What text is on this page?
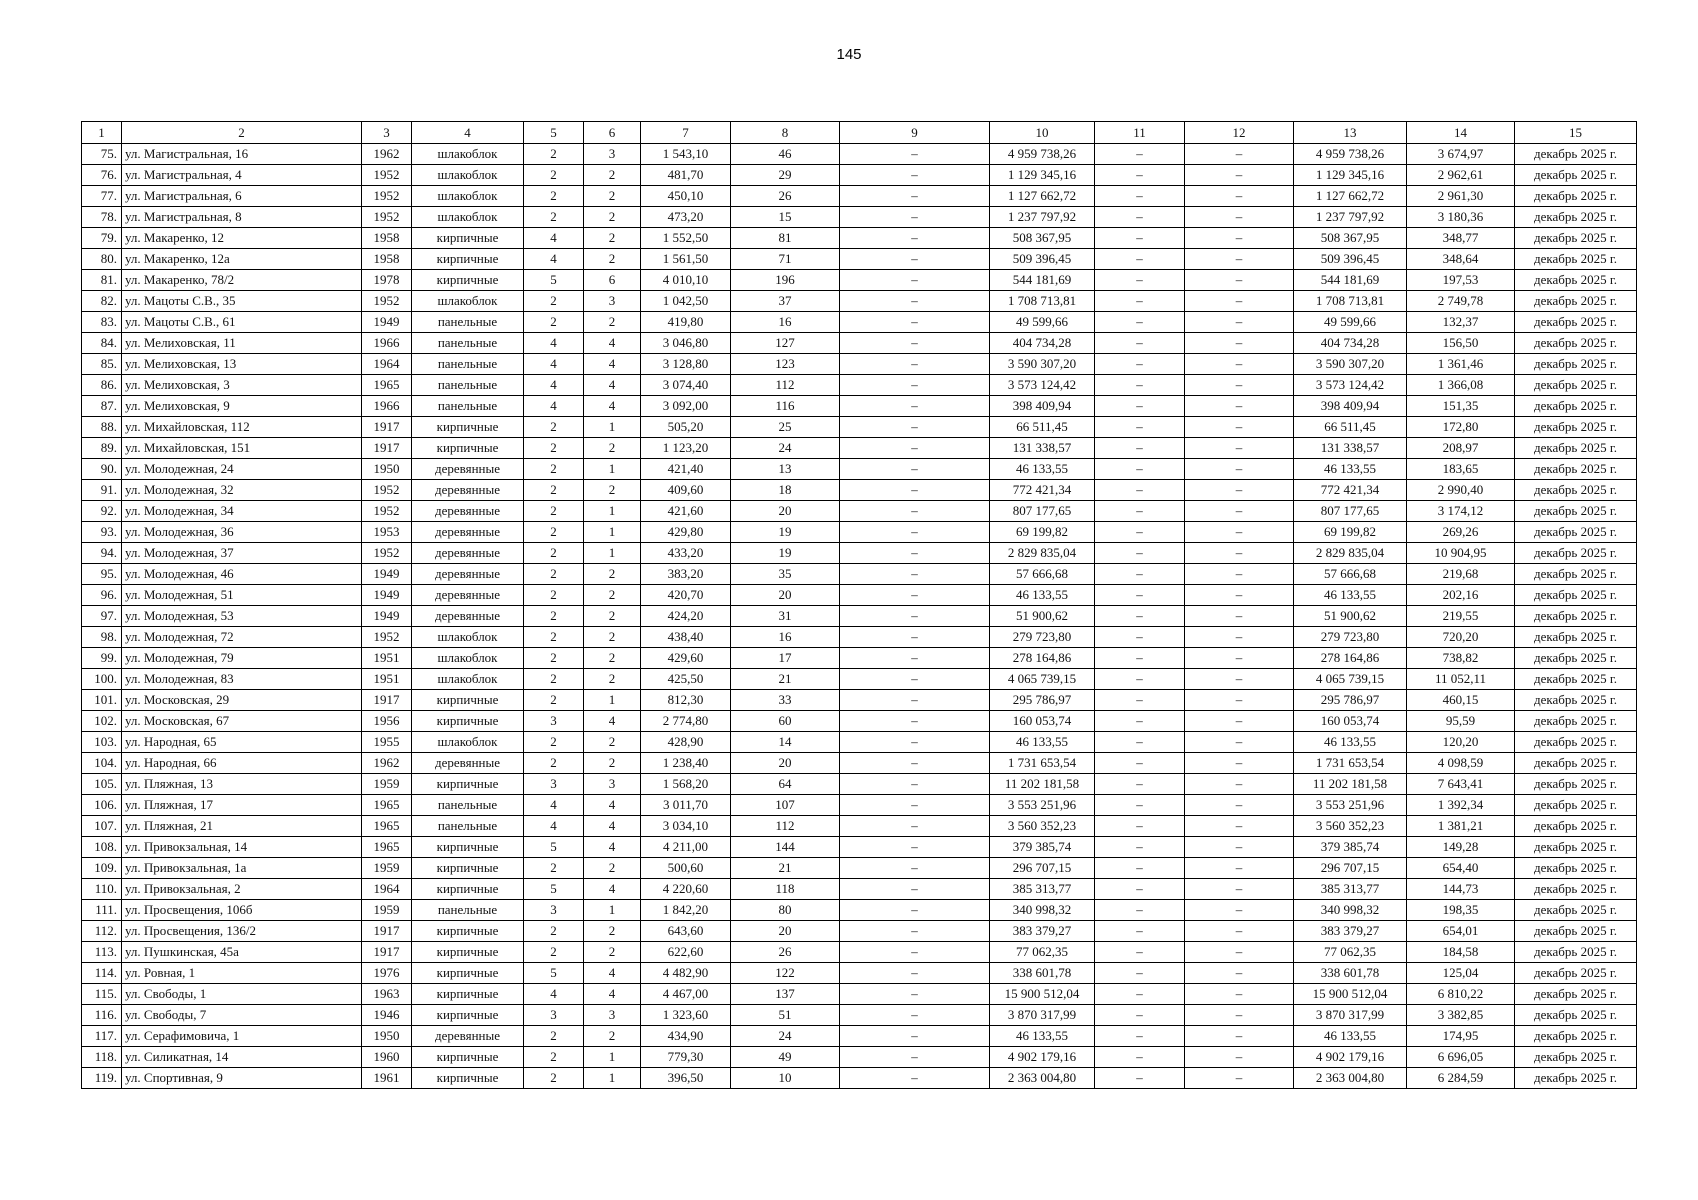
145
1	2	3	4	5	6	7	8	9	10	11	12	13	14	15
75.	ул. Магистральная, 16	1962	шлакоблок	2	3	1 543,10	46	–	4 959 738,26	–	–	4 959 738,26	3 674,97	декабрь 2025 г.
76.	ул. Магистральная, 4	1952	шлакоблок	2	2	481,70	29	–	1 129 345,16	–	–	1 129 345,16	2 962,61	декабрь 2025 г.
77.	ул. Магистральная, 6	1952	шлакоблок	2	2	450,10	26	–	1 127 662,72	–	–	1 127 662,72	2 961,30	декабрь 2025 г.
78.	ул. Магистральная, 8	1952	шлакоблок	2	2	473,20	15	–	1 237 797,92	–	–	1 237 797,92	3 180,36	декабрь 2025 г.
79.	ул. Макаренко, 12	1958	кирпичные	4	2	1 552,50	81	–	508 367,95	–	–	508 367,95	348,77	декабрь 2025 г.
80.	ул. Макаренко, 12а	1958	кирпичные	4	2	1 561,50	71	–	509 396,45	–	–	509 396,45	348,64	декабрь 2025 г.
81.	ул. Макаренко, 78/2	1978	кирпичные	5	6	4 010,10	196	–	544 181,69	–	–	544 181,69	197,53	декабрь 2025 г.
82.	ул. Мацоты С.В., 35	1952	шлакоблок	2	3	1 042,50	37	–	1 708 713,81	–	–	1 708 713,81	2 749,78	декабрь 2025 г.
83.	ул. Мацоты С.В., 61	1949	панельные	2	2	419,80	16	–	49 599,66	–	–	49 599,66	132,37	декабрь 2025 г.
84.	ул. Мелиховская, 11	1966	панельные	4	4	3 046,80	127	–	404 734,28	–	–	404 734,28	156,50	декабрь 2025 г.
85.	ул. Мелиховская, 13	1964	панельные	4	4	3 128,80	123	–	3 590 307,20	–	–	3 590 307,20	1 361,46	декабрь 2025 г.
86.	ул. Мелиховская, 3	1965	панельные	4	4	3 074,40	112	–	3 573 124,42	–	–	3 573 124,42	1 366,08	декабрь 2025 г.
87.	ул. Мелиховская, 9	1966	панельные	4	4	3 092,00	116	–	398 409,94	–	–	398 409,94	151,35	декабрь 2025 г.
88.	ул. Михайловская, 112	1917	кирпичные	2	1	505,20	25	–	66 511,45	–	–	66 511,45	172,80	декабрь 2025 г.
89.	ул. Михайловская, 151	1917	кирпичные	2	2	1 123,20	24	–	131 338,57	–	–	131 338,57	208,97	декабрь 2025 г.
90.	ул. Молодежная, 24	1950	деревянные	2	1	421,40	13	–	46 133,55	–	–	46 133,55	183,65	декабрь 2025 г.
91.	ул. Молодежная, 32	1952	деревянные	2	2	409,60	18	–	772 421,34	–	–	772 421,34	2 990,40	декабрь 2025 г.
92.	ул. Молодежная, 34	1952	деревянные	2	1	421,60	20	–	807 177,65	–	–	807 177,65	3 174,12	декабрь 2025 г.
93.	ул. Молодежная, 36	1953	деревянные	2	1	429,80	19	–	69 199,82	–	–	69 199,82	269,26	декабрь 2025 г.
94.	ул. Молодежная, 37	1952	деревянные	2	1	433,20	19	–	2 829 835,04	–	–	2 829 835,04	10 904,95	декабрь 2025 г.
95.	ул. Молодежная, 46	1949	деревянные	2	2	383,20	35	–	57 666,68	–	–	57 666,68	219,68	декабрь 2025 г.
96.	ул. Молодежная, 51	1949	деревянные	2	2	420,70	20	–	46 133,55	–	–	46 133,55	202,16	декабрь 2025 г.
97.	ул. Молодежная, 53	1949	деревянные	2	2	424,20	31	–	51 900,62	–	–	51 900,62	219,55	декабрь 2025 г.
98.	ул. Молодежная, 72	1952	шлакоблок	2	2	438,40	16	–	279 723,80	–	–	279 723,80	720,20	декабрь 2025 г.
99.	ул. Молодежная, 79	1951	шлакоблок	2	2	429,60	17	–	278 164,86	–	–	278 164,86	738,82	декабрь 2025 г.
100.	ул. Молодежная, 83	1951	шлакоблок	2	2	425,50	21	–	4 065 739,15	–	–	4 065 739,15	11 052,11	декабрь 2025 г.
101.	ул. Московская, 29	1917	кирпичные	2	1	812,30	33	–	295 786,97	–	–	295 786,97	460,15	декабрь 2025 г.
102.	ул. Московская, 67	1956	кирпичные	3	4	2 774,80	60	–	160 053,74	–	–	160 053,74	95,59	декабрь 2025 г.
103.	ул. Народная, 65	1955	шлакоблок	2	2	428,90	14	–	46 133,55	–	–	46 133,55	120,20	декабрь 2025 г.
104.	ул. Народная, 66	1962	деревянные	2	2	1 238,40	20	–	1 731 653,54	–	–	1 731 653,54	4 098,59	декабрь 2025 г.
105.	ул. Пляжная, 13	1959	кирпичные	3	3	1 568,20	64	–	11 202 181,58	–	–	11 202 181,58	7 643,41	декабрь 2025 г.
106.	ул. Пляжная, 17	1965	панельные	4	4	3 011,70	107	–	3 553 251,96	–	–	3 553 251,96	1 392,34	декабрь 2025 г.
107.	ул. Пляжная, 21	1965	панельные	4	4	3 034,10	112	–	3 560 352,23	–	–	3 560 352,23	1 381,21	декабрь 2025 г.
108.	ул. Привокзальная, 14	1965	кирпичные	5	4	4 211,00	144	–	379 385,74	–	–	379 385,74	149,28	декабрь 2025 г.
109.	ул. Привокзальная, 1а	1959	кирпичные	2	2	500,60	21	–	296 707,15	–	–	296 707,15	654,40	декабрь 2025 г.
110.	ул. Привокзальная, 2	1964	кирпичные	5	4	4 220,60	118	–	385 313,77	–	–	385 313,77	144,73	декабрь 2025 г.
111.	ул. Просвещения, 106б	1959	панельные	3	1	1 842,20	80	–	340 998,32	–	–	340 998,32	198,35	декабрь 2025 г.
112.	ул. Просвещения, 136/2	1917	кирпичные	2	2	643,60	20	–	383 379,27	–	–	383 379,27	654,01	декабрь 2025 г.
113.	ул. Пушкинская, 45а	1917	кирпичные	2	2	622,60	26	–	77 062,35	–	–	77 062,35	184,58	декабрь 2025 г.
114.	ул. Ровная, 1	1976	кирпичные	5	4	4 482,90	122	–	338 601,78	–	–	338 601,78	125,04	декабрь 2025 г.
115.	ул. Свободы, 1	1963	кирпичные	4	4	4 467,00	137	–	15 900 512,04	–	–	15 900 512,04	6 810,22	декабрь 2025 г.
116.	ул. Свободы, 7	1946	кирпичные	3	3	1 323,60	51	–	3 870 317,99	–	–	3 870 317,99	3 382,85	декабрь 2025 г.
117.	ул. Серафимовича, 1	1950	деревянные	2	2	434,90	24	–	46 133,55	–	–	46 133,55	174,95	декабрь 2025 г.
118.	ул. Силикатная, 14	1960	кирпичные	2	1	779,30	49	–	4 902 179,16	–	–	4 902 179,16	6 696,05	декабрь 2025 г.
119.	ул. Спортивная, 9	1961	кирпичные	2	1	396,50	10	–	2 363 004,80	–	–	2 363 004,80	6 284,59	декабрь 2025 г.
